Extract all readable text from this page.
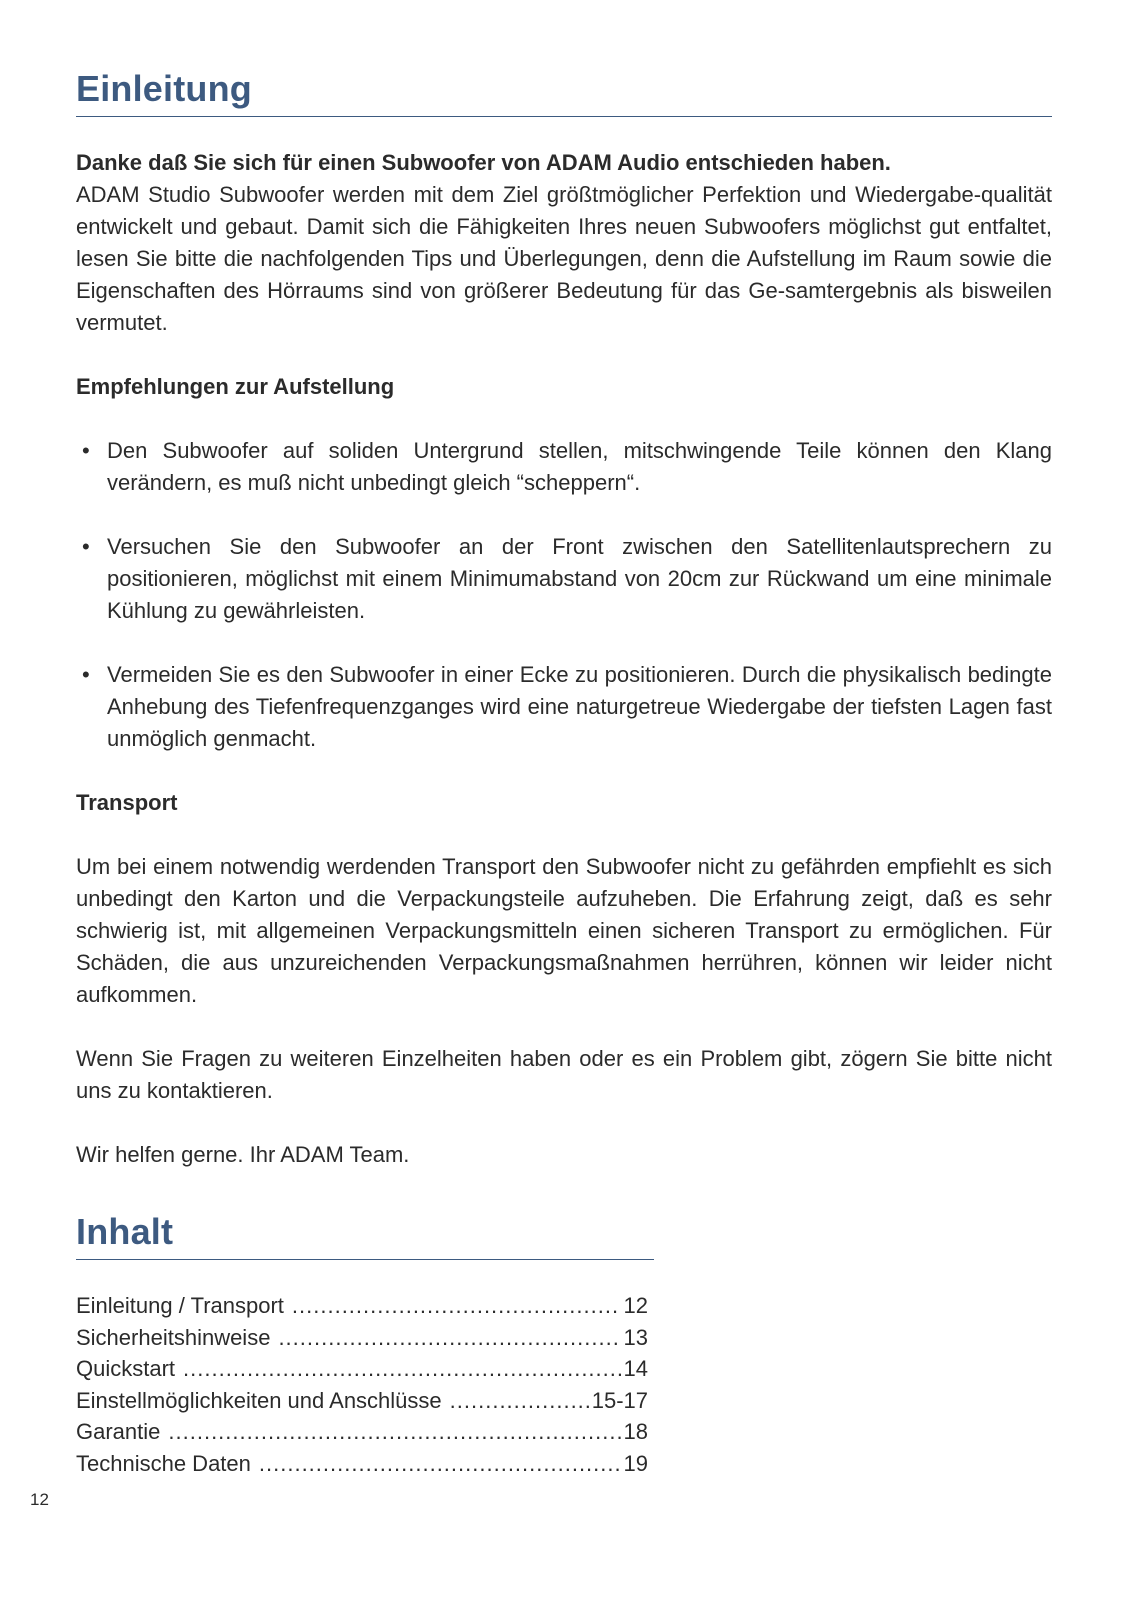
Einleitung
Danke daß Sie sich für einen Subwoofer von ADAM Audio entschieden haben.
ADAM Studio Subwoofer werden mit dem Ziel größtmöglicher Perfektion und Wiedergabe-qualität entwickelt und gebaut. Damit sich die Fähigkeiten Ihres neuen Subwoofers möglichst gut entfaltet, lesen Sie bitte die nachfolgenden Tips und Überlegungen, denn die Aufstellung im Raum sowie die Eigenschaften des Hörraums sind von größerer Bedeutung für das Ge-samtergebnis als bisweilen vermutet.
Empfehlungen zur Aufstellung
• Den Subwoofer auf soliden Untergrund stellen, mitschwingende Teile können den Klang verändern, es muß nicht unbedingt gleich “scheppern“.
• Versuchen Sie den Subwoofer an der Front zwischen den Satellitenlautsprechern zu positionieren, möglichst mit einem Minimumabstand von 20cm zur Rückwand um eine minimale Kühlung zu gewährleisten.
• Vermeiden Sie es den Subwoofer in einer Ecke zu positionieren. Durch die physikalisch bedingte Anhebung des Tiefenfrequenzganges wird eine naturgetreue Wiedergabe der tiefsten Lagen fast unmöglich genmacht.
Transport

Um bei einem notwendig werdenden Transport den Subwoofer nicht zu gefährden empfiehlt es sich unbedingt den Karton und die Verpackungsteile aufzuheben. Die Erfahrung zeigt, daß es sehr schwierig ist, mit allgemeinen Verpackungsmitteln einen sicheren Transport zu ermöglichen. Für Schäden, die aus unzureichenden Verpackungsmaßnahmen herrühren, können wir leider nicht aufkommen.

Wenn Sie Fragen zu weiteren Einzelheiten haben oder es ein Problem gibt, zögern Sie bitte nicht uns zu kontaktieren.

Wir helfen gerne. Ihr ADAM Team.

Inhalt
Einleitung / Transport .....	12
Sicherheitshinweise .....	13
Quickstart .....	14
Einstellmöglichkeiten und Anschlüsse .....	15-17
Garantie .....	18
Technische Daten .....	19
12
